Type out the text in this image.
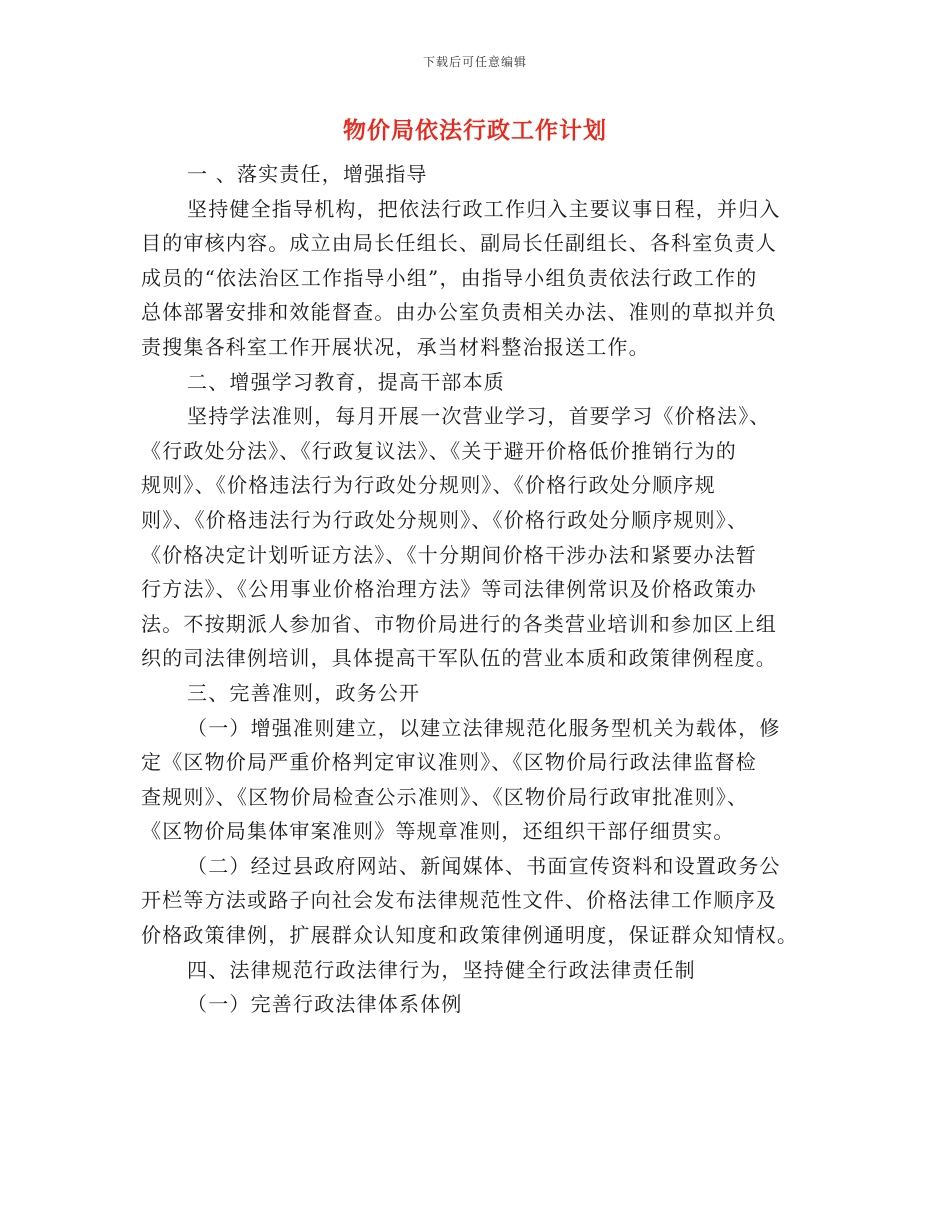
下载后可任意编辑
物价局依法行政工作计划
一 、落实责任，增强指导
坚持健全指导机构，把依法行政工作归入主要议事日程，并归入
目的审核内容。成立由局长任组长、副局长任副组长、各科室负责人
成员的“依法治区工作指导小组”，由指导小组负责依法行政工作的
总体部署安排和效能督查。由办公室负责相关办法、准则的草拟并负
责搜集各科室工作开展状况，承当材料整治报送工作。
二、增强学习教育，提高干部本质
坚持学法准则，每月开展一次营业学习，首要学习《价格法》、
《行政处分法》、《行政复议法》、《关于避开价格低价推销行为的
规则》、《价格违法行为行政处分规则》、《价格行政处分顺序规
则》、《价格违法行为行政处分规则》、《价格行政处分顺序规则》、
《价格决定计划听证方法》、《十分期间价格干涉办法和紧要办法暂
行方法》、《公用事业价格治理方法》等司法律例常识及价格政策办
法。不按期派人参加省、市物价局进行的各类营业培训和参加区上组
织的司法律例培训，具体提高干军队伍的营业本质和政策律例程度。
三、完善准则，政务公开
（一）增强准则建立，以建立法律规范化服务型机关为载体，修
定《区物价局严重价格判定审议准则》、《区物价局行政法律监督检
查规则》、《区物价局检查公示准则》、《区物价局行政审批准则》、
《区物价局集体审案准则》等规章准则，还组织干部仔细贯实。
（二）经过县政府网站、新闻媒体、书面宣传资料和设置政务公
开栏等方法或路子向社会发布法律规范性文件、价格法律工作顺序及
价格政策律例，扩展群众认知度和政策律例通明度，保证群众知情权。
四、法律规范行政法律行为，坚持健全行政法律责任制
（一）完善行政法律体系体例
